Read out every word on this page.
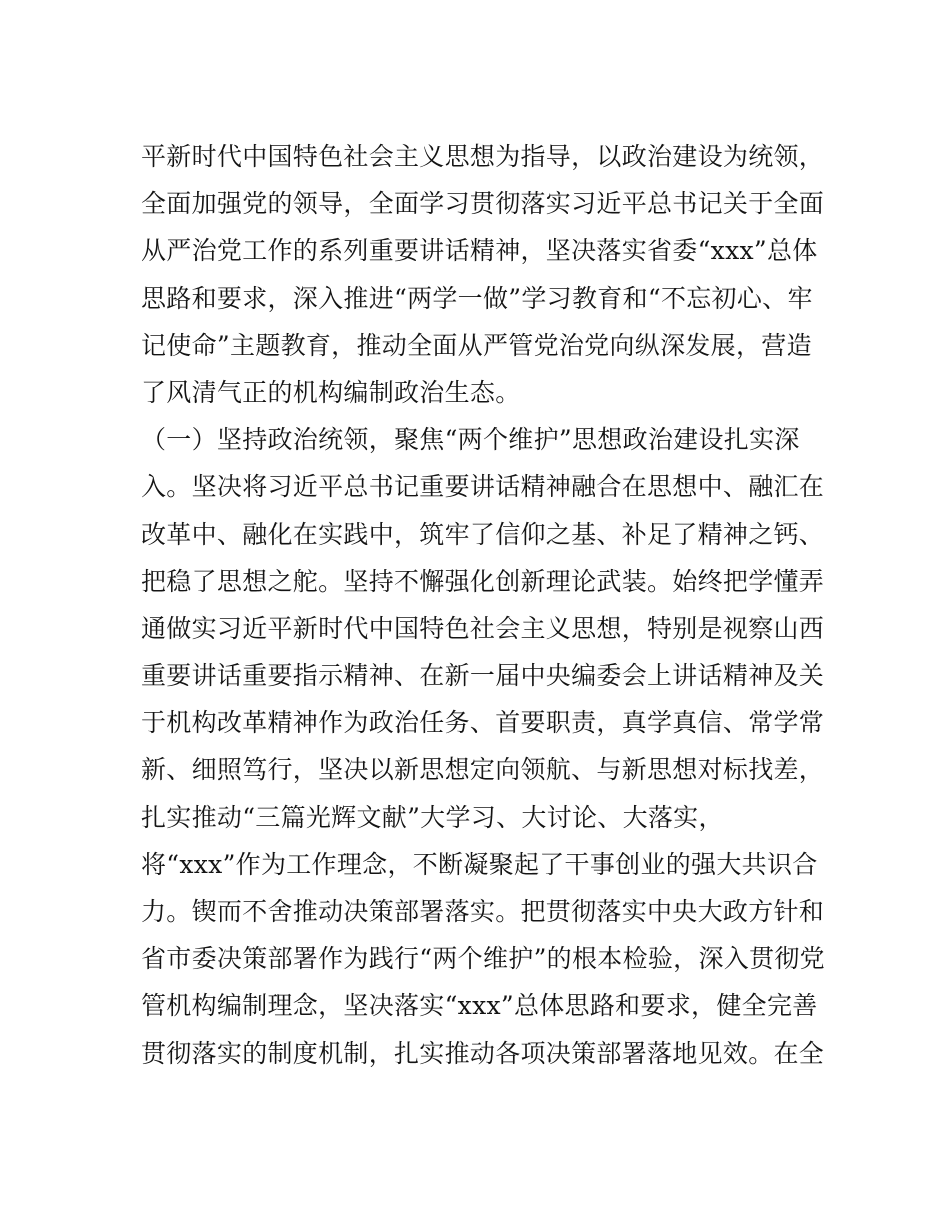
平新时代中国特色社会主义思想为指导，以政治建设为统领，
全面加强党的领导，全面学习贯彻落实习近平总书记关于全面
从严治党工作的系列重要讲话精神，坚决落实省委“xxx”总体
思路和要求，深入推进“两学一做”学习教育和“不忘初心、牢
记使命”主题教育，推动全面从严管党治党向纵深发展，营造
了风清气正的机构编制政治生态。
（一）坚持政治统领，聚焦“两个维护”思想政治建设扎实深
入。坚决将习近平总书记重要讲话精神融合在思想中、融汇在
改革中、融化在实践中，筑牢了信仰之基、补足了精神之钙、
把稳了思想之舵。坚持不懈强化创新理论武装。始终把学懂弄
通做实习近平新时代中国特色社会主义思想，特别是视察山西
重要讲话重要指示精神、在新一届中央编委会上讲话精神及关
于机构改革精神作为政治任务、首要职责，真学真信、常学常
新、细照笃行，坚决以新思想定向领航、与新思想对标找差，
扎实推动“三篇光辉文献”大学习、大讨论、大落实，
将“xxx”作为工作理念，不断凝聚起了干事创业的强大共识合
力。锲而不舍推动决策部署落实。把贯彻落实中央大政方针和
省市委决策部署作为践行“两个维护”的根本检验，深入贯彻党
管机构编制理念，坚决落实“xxx”总体思路和要求，健全完善
贯彻落实的制度机制，扎实推动各项决策部署落地见效。在全
